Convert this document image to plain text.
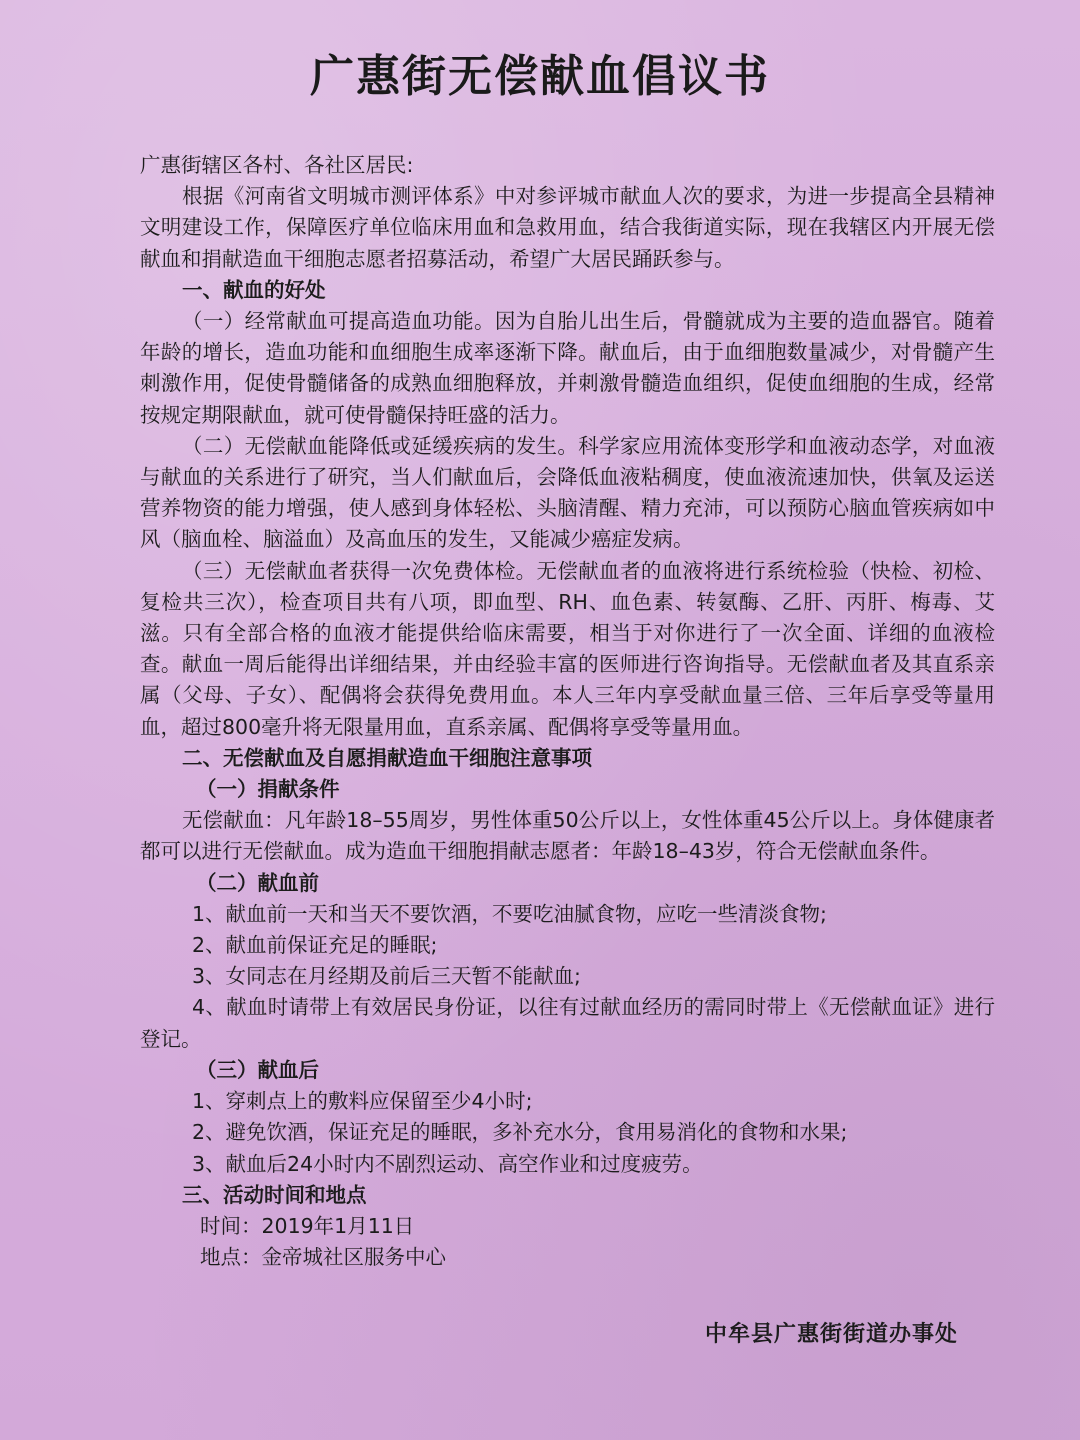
广惠街无偿献血倡议书

广惠街辖区各村、各社区居民:

根据《河南省文明城市测评体系》中对参评城市献血人次的要求，为进一步提高全县精神文明建设工作，保障医疗单位临床用血和急救用血，结合我街道实际，现在我辖区内开展无偿献血和捐献造血干细胞志愿者招募活动，希望广大居民踊跃参与。

一、献血的好处

（一）经常献血可提高造血功能。因为自胎儿出生后，骨髓就成为主要的造血器官。随着年龄的增长，造血功能和血细胞生成率逐渐下降。献血后，由于血细胞数量减少，对骨髓产生刺激作用，促使骨髓储备的成熟血细胞释放，并刺激骨髓造血组织，促使血细胞的生成，经常按规定期限献血，就可使骨髓保持旺盛的活力。

（二）无偿献血能降低或延缓疾病的发生。科学家应用流体变形学和血液动态学，对血液与献血的关系进行了研究，当人们献血后，会降低血液粘稠度，使血液流速加快，供氧及运送营养物资的能力增强，使人感到身体轻松、头脑清醒、精力充沛，可以预防心脑血管疾病如中风（脑血栓、脑溢血）及高血压的发生，又能减少癌症发病。

（三）无偿献血者获得一次免费体检。无偿献血者的血液将进行系统检验（快检、初检、复检共三次），检查项目共有八项，即血型、RH、血色素、转氨酶、乙肝、丙肝、梅毒、艾滋。只有全部合格的血液才能提供给临床需要，相当于对你进行了一次全面、详细的血液检查。献血一周后能得出详细结果，并由经验丰富的医师进行咨询指导。无偿献血者及其直系亲属（父母、子女）、配偶将会获得免费用血。本人三年内享受献血量三倍、三年后享受等量用血，超过800毫升将无限量用血，直系亲属、配偶将享受等量用血。

二、无偿献血及自愿捐献造血干细胞注意事项

（一）捐献条件

无偿献血：凡年龄18–55周岁，男性体重50公斤以上，女性体重45公斤以上。身体健康者都可以进行无偿献血。成为造血干细胞捐献志愿者：年龄18–43岁，符合无偿献血条件。

（二）献血前

1、献血前一天和当天不要饮酒，不要吃油腻食物，应吃一些清淡食物;

2、献血前保证充足的睡眠;

3、女同志在月经期及前后三天暂不能献血;

4、献血时请带上有效居民身份证，以往有过献血经历的需同时带上《无偿献血证》进行登记。

（三）献血后

1、穿刺点上的敷料应保留至少4小时;

2、避免饮酒，保证充足的睡眠，多补充水分，食用易消化的食物和水果;

3、献血后24小时内不剧烈运动、高空作业和过度疲劳。

三、活动时间和地点

时间：2019年1月11日

地点：金帝城社区服务中心

中牟县广惠街街道办事处
